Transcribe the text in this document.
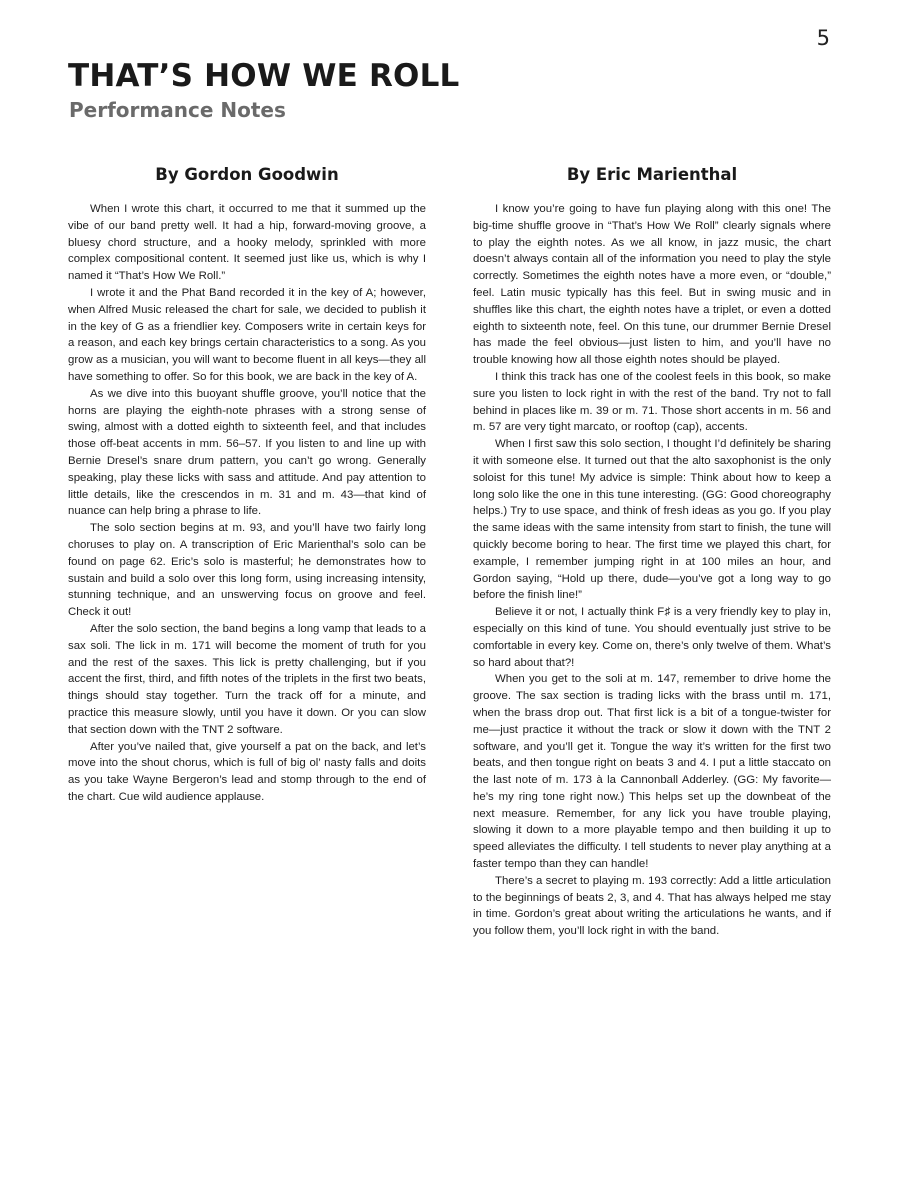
5
THAT’S HOW WE ROLL
Performance Notes
By Gordon Goodwin

When I wrote this chart, it occurred to me that it summed up the vibe of our band pretty well. It had a hip, forward-moving groove, a bluesy chord structure, and a hooky melody, sprinkled with more complex compositional content. It seemed just like us, which is why I named it “That’s How We Roll.”

I wrote it and the Phat Band recorded it in the key of A; however, when Alfred Music released the chart for sale, we decided to publish it in the key of G as a friendlier key. Composers write in certain keys for a reason, and each key brings certain characteristics to a song. As you grow as a musician, you will want to become fluent in all keys—they all have something to offer. So for this book, we are back in the key of A.

As we dive into this buoyant shuffle groove, you’ll notice that the horns are playing the eighth-note phrases with a strong sense of swing, almost with a dotted eighth to sixteenth feel, and that includes those off-beat accents in mm. 56–57. If you listen to and line up with Bernie Dresel’s snare drum pattern, you can’t go wrong. Generally speaking, play these licks with sass and attitude. And pay attention to little details, like the crescendos in m. 31 and m. 43—that kind of nuance can help bring a phrase to life.

The solo section begins at m. 93, and you’ll have two fairly long choruses to play on. A transcription of Eric Marienthal’s solo can be found on page 62. Eric’s solo is masterful; he demonstrates how to sustain and build a solo over this long form, using increasing intensity, stunning technique, and an unswerving focus on groove and feel. Check it out!

After the solo section, the band begins a long vamp that leads to a sax soli. The lick in m. 171 will become the moment of truth for you and the rest of the saxes. This lick is pretty challenging, but if you accent the first, third, and fifth notes of the triplets in the first two beats, things should stay together. Turn the track off for a minute, and practice this measure slowly, until you have it down. Or you can slow that section down with the TNT 2 software.

After you’ve nailed that, give yourself a pat on the back, and let’s move into the shout chorus, which is full of big ol’ nasty falls and doits as you take Wayne Bergeron’s lead and stomp through to the end of the chart. Cue wild audience applause.

By Eric Marienthal

I know you’re going to have fun playing along with this one! The big-time shuffle groove in “That’s How We Roll” clearly signals where to play the eighth notes. As we all know, in jazz music, the chart doesn’t always contain all of the information you need to play the style correctly. Sometimes the eighth notes have a more even, or “double,” feel. Latin music typically has this feel. But in swing music and in shuffles like this chart, the eighth notes have a triplet, or even a dotted eighth to sixteenth note, feel. On this tune, our drummer Bernie Dresel has made the feel obvious—just listen to him, and you’ll have no trouble knowing how all those eighth notes should be played.

I think this track has one of the coolest feels in this book, so make sure you listen to lock right in with the rest of the band. Try not to fall behind in places like m. 39 or m. 71. Those short accents in m. 56 and m. 57 are very tight marcato, or rooftop (cap), accents.

When I first saw this solo section, I thought I’d definitely be sharing it with someone else. It turned out that the alto saxophonist is the only soloist for this tune! My advice is simple: Think about how to keep a long solo like the one in this tune interesting. (GG: Good choreography helps.) Try to use space, and think of fresh ideas as you go. If you play the same ideas with the same intensity from start to finish, the tune will quickly become boring to hear. The first time we played this chart, for example, I remember jumping right in at 100 miles an hour, and Gordon saying, “Hold up there, dude—you’ve got a long way to go before the finish line!”

Believe it or not, I actually think F♯ is a very friendly key to play in, especially on this kind of tune. You should eventually just strive to be comfortable in every key. Come on, there’s only twelve of them. What’s so hard about that?!

When you get to the soli at m. 147, remember to drive home the groove. The sax section is trading licks with the brass until m. 171, when the brass drop out. That first lick is a bit of a tongue-twister for me—just practice it without the track or slow it down with the TNT 2 software, and you’ll get it. Tongue the way it’s written for the first two beats, and then tongue right on beats 3 and 4. I put a little staccato on the last note of m. 173 à la Cannonball Adderley. (GG: My favorite—he’s my ring tone right now.) This helps set up the downbeat of the next measure. Remember, for any lick you have trouble playing, slowing it down to a more playable tempo and then building it up to speed alleviates the difficulty. I tell students to never play anything at a faster tempo than they can handle!

There’s a secret to playing m. 193 correctly: Add a little articulation to the beginnings of beats 2, 3, and 4. That has always helped me stay in time. Gordon’s great about writing the articulations he wants, and if you follow them, you’ll lock right in with the band.
